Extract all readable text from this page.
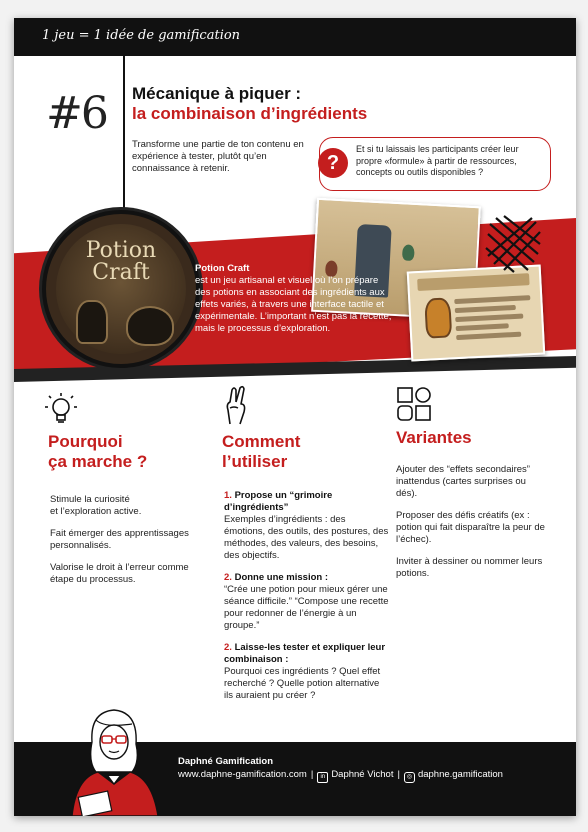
1 jeu = 1 idée de gamification
#6 Mécanique à piquer :
la combinaison d’ingrédients
Transforme une partie de ton contenu en expérience à tester, plutôt qu’en connaissance à retenir.	?
Et si tu laissais les participants créer leur propre «formule» à partir de ressources, concepts ou outils disponibles ?
Potion
Craft	Potion Craft
est un jeu artisanal et visuel où l’on prépare des potions en associant des ingrédients aux effets variés, à travers une interface tactile et expérimentale. L’important n’est pas la recette, mais le processus d’exploration.
Pourquoi
ça marche ?
Stimule la curiosité
et l’exploration active.
Fait émerger des apprentissages personnalisés.
Valorise le droit à l’erreur comme étape du processus.
Comment
l’utiliser
1. Propose un “grimoire d’ingrédients”
Exemples d’ingrédients : des émotions, des outils, des postures, des méthodes, des valeurs, des besoins, des objectifs.
2. Donne une mission :
“Crée une potion pour mieux gérer une séance difficile.” “Compose une recette pour redonner de l’énergie à un groupe.”
2. Laisse-les tester et expliquer leur combinaison :
Pourquoi ces ingrédients ? Quel effet recherché ? Quelle potion alternative ils auraient pu créer ?
Variantes
Ajouter des “effets secondaires” inattendus (cartes surprises ou dés).
Proposer des défis créatifs (ex : potion qui fait disparaître la peur de l’échec).
Inviter à dessiner ou nommer leurs potions.
Daphné Gamification
www.daphne-gamification.com | in Daphné Vichot | ◎ daphne.gamification
